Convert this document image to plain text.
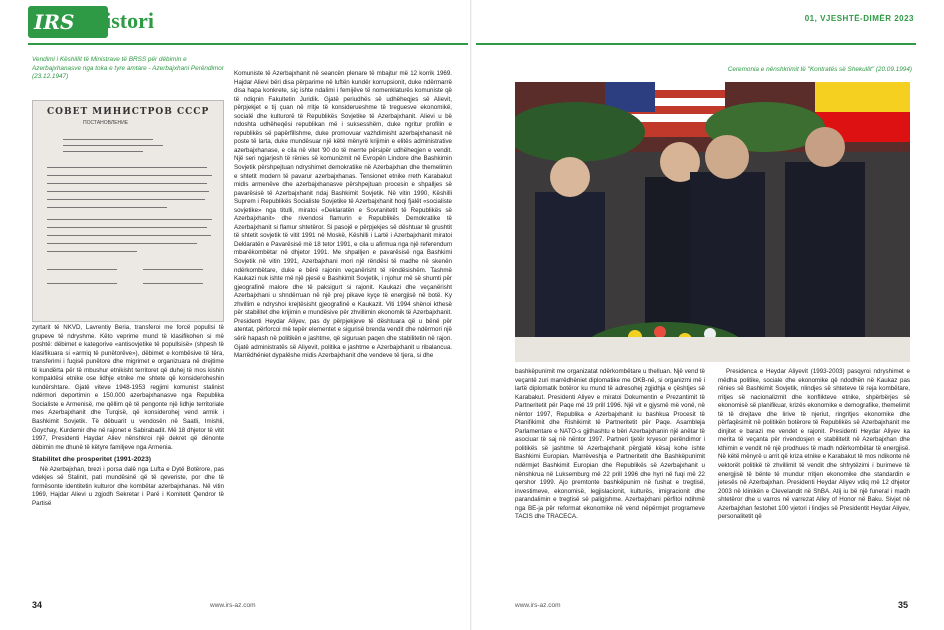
IRS Histori
Vendimi i Këshillit të Ministrave të BRSS për dëbimin e Azerbajxhanasve nga toka e tyre amtare - Azerbajxhani Perëndimor (23.12.1947)
СОВЕТ МИНИСТРОВ СССР
ПОСТАНОВЛЕНИЕ

zyrtarit të NKVD, Lavrentiy Beria, transferoi me forcë popullsi të grupeve të ndryshme. Këto veprime mund të klasifikohen si më poshtë: dëbimet e kategorive «antisovjetike të popullsisë» (shpesh të klasifikuara si «armiq të punëtorëve»), dëbimet e kombësive të tëra, transferimi i fuqisë punëtore dhe migrimet e organizuara në drejtime të kundërta për të mbushur etnikisht territoret që duhej të mos kishin kompaktësi etnike ose lidhje etnike me shtete që konsideroheshin kundërshtare. Gjatë viteve 1948-1953 regjimi komunist stalinist ndërmori deportimin e 150.000 azerbajxhanasve nga Republika Socialiste e Armenisë, me qëllim që të pengonte një lidhje territoriale mes Azerbajxhanit dhe Turqisë, që konsiderohej vend armik i Bashkimit Sovjetik. Të dëbuarit u vendosën në Saatli, Imishli, Goychay, Kurdemir dhe në rajonet e Sabirabadit. Më 18 dhjetor të vitit 1997, Presidenti Haydar Aliev nënshkroi një dekret që dënonte dëbimin me dhunë të këtyre familjeve nga Armenia.

Stabilitet dhe prosperitet (1991-2023)

Në Azerbajxhan, brezi i porsa dalë nga Lufta e Dytë Botërore, pas vdekjes së Stalinit, pati mundësinë që të qeveriste, por dhe të formësonte identitetin kulturor dhe kombëtar azerbajxhanas. Në vitin 1969, Hajdar Alievi u zgjodh Sekretar i Parë i Komitetit Qendror të Partisë

Komuniste të Azerbajxhanit në seancën plenare të mbajtur më 12 korrik 1969. Hajdar Alievi bëri disa përparime në luftën kundër korrupsionit, duke ndërmarrë disa hapa konkrete, siç ishte ndalimi i femijëve të nomenklaturës komuniste që të ndiqnin Fakultetin Juridik. Gjatë periudhës së udhëheqjes së Alievit, përpjekjet e tij çuan në rritje të konsiderueshme të treguesve ekonomikë, socialë dhe kulturorë të Republikës Sovjetike të Azerbajxhanit. Alievi u bë ndoshta udhëheqësi republikan më i suksesshëm, duke ngritur profilin e republikës së papërfillshme, duke promovuar vazhdimisht azerbajxhanasit në poste të larta, duke mundësuar një këtë mënyrë krijimin e elitës administrative azerbajxhanase, e cila në vitet '90 do të merrte përsipër udhëheqjen e vendit. Një seri ngjarjesh të rënies së komunizmit në Evropën Lindore dhe Bashkimin Sovjetik përshpejtuan ndryshimet demokratike në Azerbajxhan dhe themelimin e shtetit modern të pavarur azerbajxhanas. Tensionet etnike rreth Karabakut midis armenëve dhe azerbajxhanasve përshpejtuan procesin e shpalljes së pavarësisë të Azerbajxhanit ndaj Bashkimit Sovjetik. Në vitin 1990, Këshilli Suprem i Republikës Socialiste Sovjetike të Azerbajxhanit hoqi fjalët «socialiste sovjetike» nga titulli, miratoi «Deklaratën e Sovranitetit të Republikës së Azerbajxhanit» dhe rivendosi flamurin e Republikës Demokratike të Azerbajxhanit si flamur shtetëror. Si pasojë e përpjekjes së dështuar të grushtit të shtetit sovjetik të vitit 1991 në Moskë, Këshilli i Lartë i Azerbajxhanit miratoi Deklaratën e Pavarësisë më 18 tetor 1991, e cila u afirmua nga një referendum mbarëkombëtar në dhjetor 1991. Me shpalljen e pavarësisë nga Bashkimi Sovjetik në vitin 1991, Azerbajxhani mori një rëndësi të madhe në skenën ndërkombëtare, duke e bërë rajonin veçanërisht të rëndësishëm. Tashmë Kaukazi nuk ishte më një pjesë e Bashkimit Sovjetik, i njohur më së shumti për gjeografinë malore dhe të paksigurt si rajonit. Kaukazi dhe veçanërisht Azerbajxhani u shndërruan në një prej pikave kyçe të energjisë në botë. Ky zhvillim e ndryshoi krejtësisht gjeografinë e Kaukazit. Viti 1994 shënoi kthesë për stabilitet dhe krijimin e mundësive për zhvillimin ekonomik të Azerbajxhanit. Presidenti Heydar Aliyev, pas dy përpjekjeve të dështuara që u bënë për atentat, përforcoi më tepër elementet e sigurisë brenda vendit dhe ndërmori një sërë hapash në politikën e jashtme, që siguruan paqen dhe stabilitetin në rajon. Gjatë administratës së Aliyevit, politika e jashtme e Azerbajxhanit u ribalancua. Marrëdhëniet dypalëshe midis Azerbajxhanit dhe vendeve të tjera, si dhe

34	www.irs-az.com
01, VJESHTË-DIMËR 2023
Ceremonia e nënshkrimit të "Kontratës së Shekullit" (20.09.1994)

bashkëpunimit me organizatat ndërkombëtare u thelluan. Një vend të veçantë zuri marrëdhëniet diplomatike me OKB-në, si organizmi më i lartë diplomatik botëror ku mund të adresohej zgjidhja e çështjes së Karabakut. Presidenti Aliyev e miratoi Dokumentin e Prezantimit të Partneritetit për Paqe më 19 prill 1996. Një vit e gjysmë më vonë, në nëntor 1997, Republika e Azerbajxhanit iu bashkua Procesit të Planifikimit dhe Rishikimit të Partneritetit për Paqe. Asambleja Parlamentare e NATO-s gjithashtu e bëri Azerbajxhanin një anëtar të asociuar të saj në nëntor 1997. Partneri tjetër kryesor perëndimor i politikës së jashtme të Azerbajxhanit përgjatë kësaj kohe ishte Bashkimi Europian. Marrëveshja e Partneritetit dhe Bashkëpunimit ndërmjet Bashkimit Europian dhe Republikës së Azerbajxhanit u nënshkrua në Luksemburg më 22 prill 1996 dhe hyri në fuqi më 22 qershor 1999. Ajo premtonte bashkëpunim në fushat e tregtisë, investimeve, ekonomisë, legjislacionit, kulturës, imigracionit dhe parandalimin e tregtisë së paligjshme. Azerbajxhani përfitoi ndihmë nga BE-ja për reformat ekonomike në vend nëpërmjet programeve TACIS dhe TRACECA.

Presidenca e Heydar Aliyevit (1993-2003) pasqyroi ndryshimet e mëdha politike, sociale dhe ekonomike që ndodhën në Kaukaz pas rënies së Bashkimit Sovjetik, nlindjes së shteteve të reja kombëtare, rritjes së nacionalizmit dhe konflikteve etnike, shpërbërjes së ekonomisë së planifikuar, krizës ekonomike e demografike, themelimit të të drejtave dhe lirive të njeriut, ringritjes ekonomike dhe përfaqësimit në politikën botërore të Republikës së Azerbajxhanit me dinjitet e barazi me vendet e rajonit. Presidenti Heydar Aliyev ka merita të veçanta për rivendosjen e stabilitetit në Azerbajxhan dhe kthimin e vendit në një prodhues të madh ndërkombëtar të energjisë. Në këtë mënyrë u arrit që kriza etnike e Karabakut të mos ndikonte në vektorët politikë të zhvillimit të vendit dhe shfrytëzimi i burimeve të energjisë të bënte të mundur rritjen ekonomike dhe standardin e jetesës në Azerbajxhan. Presidenti Heydar Aliyev vdiq më 12 dhjetor 2003 në klinikën e Clevelandit në ShBA. Atij iu bë një funeral i madh shtetëror dhe u varros në varrezat Alley of Honor në Baku. Sivjet në Azerbajxhan festohet 100 vjetori i lindjes së Presidentit Heydar Aliyev, personalitetit që

www.irs-az.com	35
